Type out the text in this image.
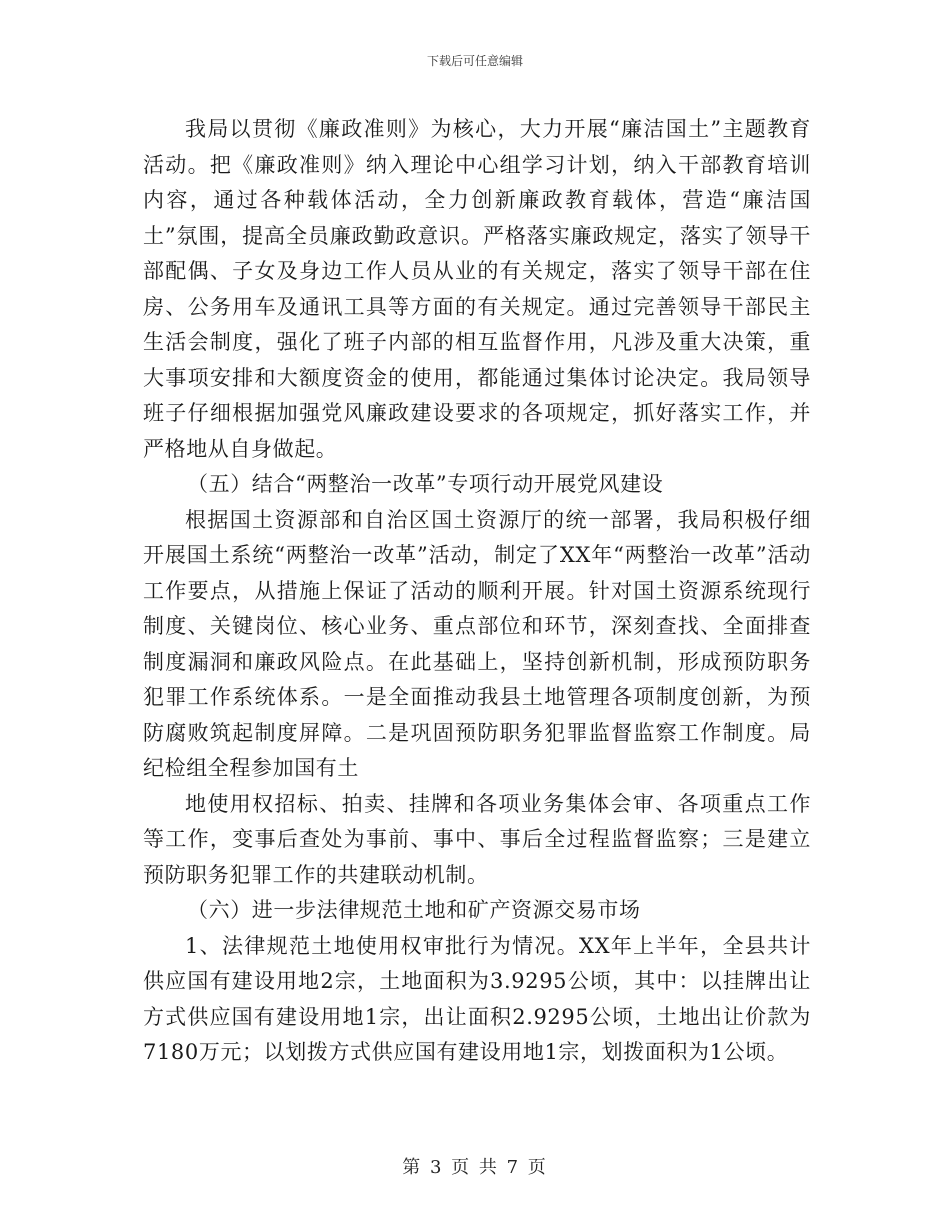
下载后可任意编辑

我局以贯彻《廉政准则》为核心，大力开展“廉洁国土”主题教育活动。把《廉政准则》纳入理论中心组学习计划，纳入干部教育培训内容，通过各种载体活动，全力创新廉政教育载体，营造“廉洁国土”氛围，提高全员廉政勤政意识。严格落实廉政规定，落实了领导干部配偶、子女及身边工作人员从业的有关规定，落实了领导干部在住房、公务用车及通讯工具等方面的有关规定。通过完善领导干部民主生活会制度，强化了班子内部的相互监督作用，凡涉及重大决策，重大事项安排和大额度资金的使用，都能通过集体讨论决定。我局领导班子仔细根据加强党风廉政建设要求的各项规定，抓好落实工作，并严格地从自身做起。

（五）结合“两整治一改革”专项行动开展党风建设

根据国土资源部和自治区国土资源厅的统一部署，我局积极仔细开展国土系统“两整治一改革”活动，制定了XX年“两整治一改革”活动工作要点，从措施上保证了活动的顺利开展。针对国土资源系统现行制度、关键岗位、核心业务、重点部位和环节，深刻查找、全面排查制度漏洞和廉政风险点。在此基础上，坚持创新机制，形成预防职务犯罪工作系统体系。一是全面推动我县土地管理各项制度创新，为预防腐败筑起制度屏障。二是巩固预防职务犯罪监督监察工作制度。局纪检组全程参加国有土

地使用权招标、拍卖、挂牌和各项业务集体会审、各项重点工作等工作，变事后查处为事前、事中、事后全过程监督监察；三是建立预防职务犯罪工作的共建联动机制。

（六）进一步法律规范土地和矿产资源交易市场

1、法律规范土地使用权审批行为情况。XX年上半年，全县共计供应国有建设用地2宗，土地面积为3.9295公顷，其中：以挂牌出让方式供应国有建设用地1宗，出让面积2.9295公顷，土地出让价款为7180万元；以划拨方式供应国有建设用地1宗，划拨面积为1公顷。

第 3 页 共 7 页
